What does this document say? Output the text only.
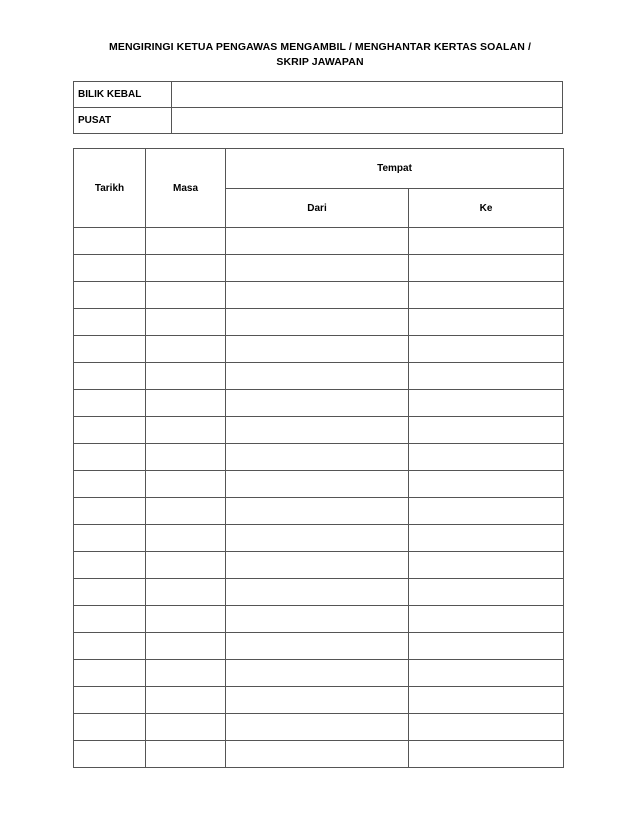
MENGIRINGI KETUA PENGAWAS MENGAMBIL / MENGHANTAR KERTAS SOALAN /
SKRIP JAWAPAN
BILIK KEBAL	
PUSAT	
Tarikh	Masa	Tempat	
		Dari	Ke
